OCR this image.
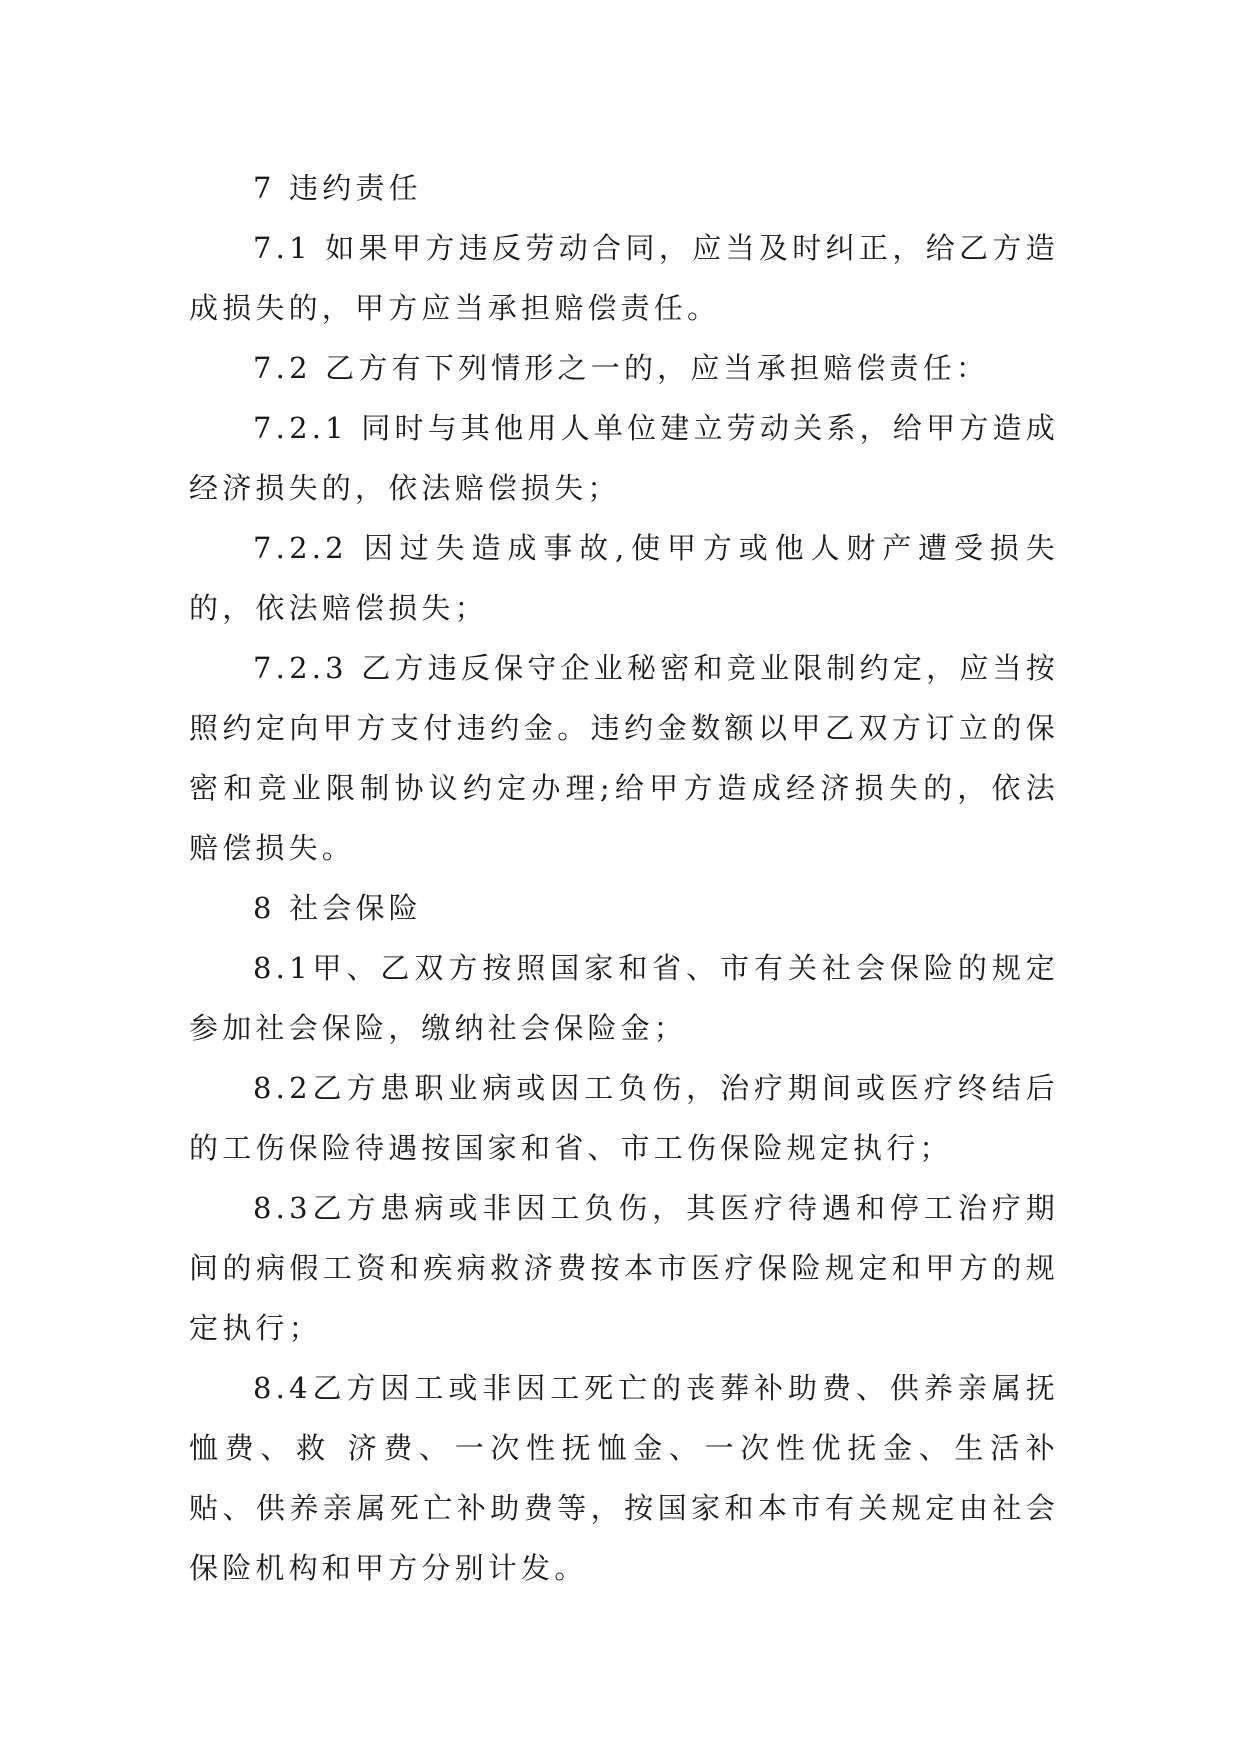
7 违约责任

7.1 如果甲方违反劳动合同，应当及时纠正，给乙方造成损失的，甲方应当承担赔偿责任。

7.2 乙方有下列情形之一的，应当承担赔偿责任：

7.2.1 同时与其他用人单位建立劳动关系，给甲方造成经济损失的，依法赔偿损失；

7.2.2 因过失造成事故,使甲方或他人财产遭受损失的，依法赔偿损失；

7.2.3 乙方违反保守企业秘密和竞业限制约定，应当按照约定向甲方支付违约金。违约金数额以甲乙双方订立的保密和竞业限制协议约定办理;给甲方造成经济损失的，依法赔偿损失。

8 社会保险

8.1甲、乙双方按照国家和省、市有关社会保险的规定参加社会保险，缴纳社会保险金；

8.2乙方患职业病或因工负伤，治疗期间或医疗终结后的工伤保险待遇按国家和省、市工伤保险规定执行；

8.3乙方患病或非因工负伤，其医疗待遇和停工治疗期间的病假工资和疾病救济费按本市医疗保险规定和甲方的规定执行；

8.4乙方因工或非因工死亡的丧葬补助费、供养亲属抚恤费、救 济费、一次性抚恤金、一次性优抚金、生活补贴、供养亲属死亡补助费等，按国家和本市有关规定由社会保险机构和甲方分别计发。
